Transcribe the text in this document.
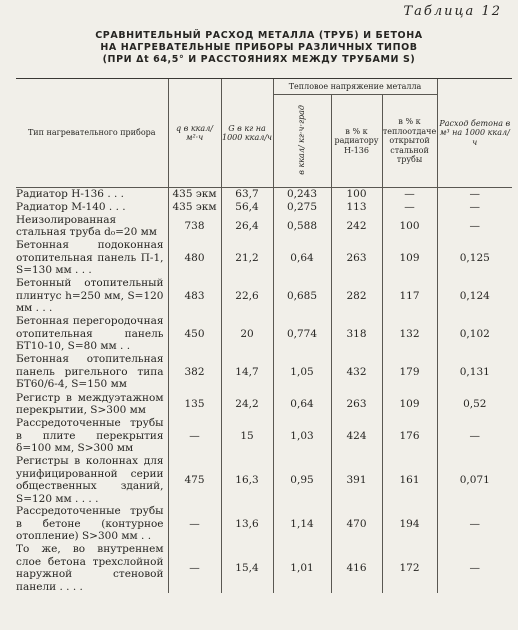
Таблица 12
СРАВНИТЕЛЬНЫЙ РАСХОД МЕТАЛЛА (ТРУБ) И БЕТОНА
НА НАГРЕВАТЕЛЬНЫЕ ПРИБОРЫ РАЗЛИЧНЫХ ТИПОВ
(ПРИ Δt 64,5° И РАССТОЯНИЯХ МЕЖДУ ТРУБАМИ S)
Тип нагревательного прибора	q в ккал/м²·ч	G в кг на 1000 ккал/ч	Тепловое напряжение металла			Расход бетона в м³ на 1000 ккал/ч
			в ккал/ кг·ч·град	в % к радиатору Н-136	в % к теплоотдаче открытой стальной трубы	
Радиатор Н-136 . . .	435 экм	63,7	0,243	100	—	—
Радиатор М-140 . . .	435 экм	56,4	0,275	113	—	—
Неизолированная стальная труба d₀=20 мм	738	26,4	0,588	242	100	—
Бетонная подоконная отопительная панель П-1, S=130 мм . . .	480	21,2	0,64	263	109	0,125
Бетонный отопительный плинтус h=250 мм, S=120 мм . . .	483	22,6	0,685	282	117	0,124
Бетонная перегородочная отопительная панель БТ10-10, S=80 мм . .	450	20	0,774	318	132	0,102
Бетонная отопительная панель ригельного типа БТ60/6-4, S=150 мм	382	14,7	1,05	432	179	0,131
Регистр в междуэтажном перекрытии, S>300 мм	135	24,2	0,64	263	109	0,52
Рассредоточенные трубы в плите перекрытия δ=100 мм, S>300 мм	—	15	1,03	424	176	—
Регистры в колоннах для унифицированной серии общественных зданий, S=120 мм . . . .	475	16,3	0,95	391	161	0,071
Рассредоточенные трубы в бетоне (контурное отопление) S>300 мм . .	—	13,6	1,14	470	194	—
То же, во внутреннем слое бетона трехслойной наружной стеновой панели . . . .	—	15,4	1,01	416	172	—
